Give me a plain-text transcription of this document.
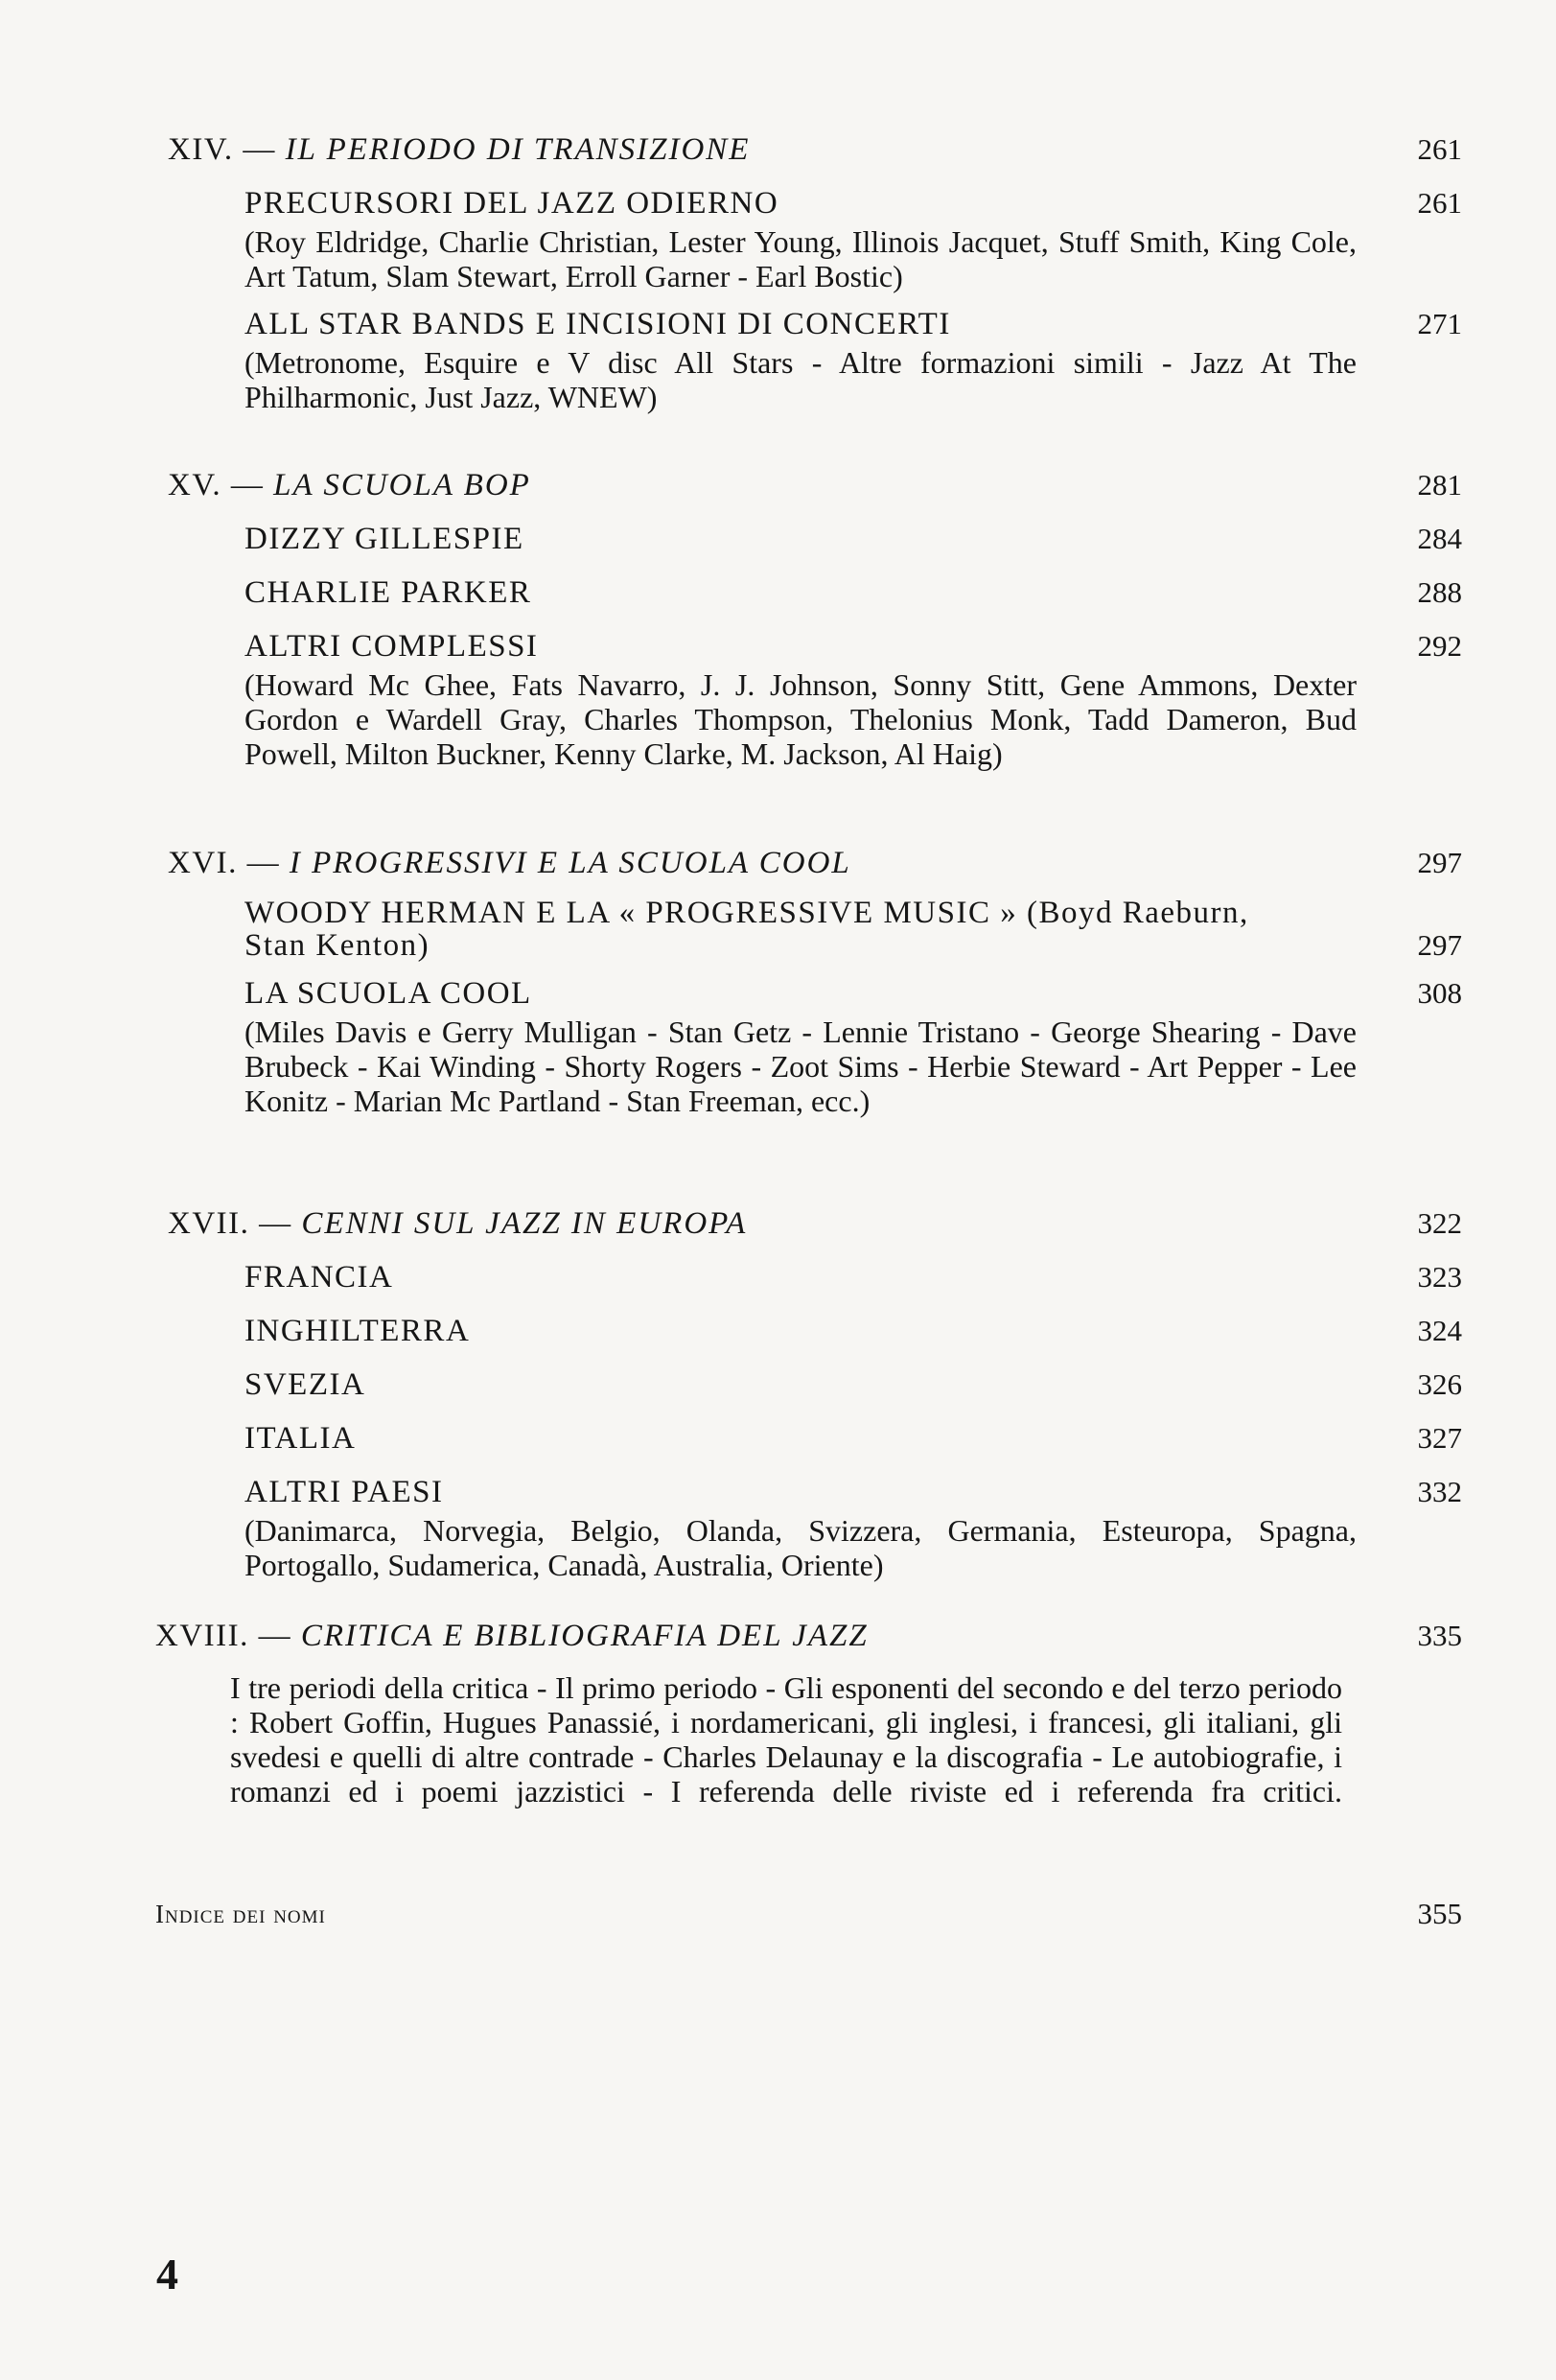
XIV. — IL PERIODO DI TRANSIZIONE	261
PRECURSORI DEL JAZZ ODIERNO	261
(Roy Eldridge, Charlie Christian, Lester Young, Illinois Jacquet, Stuff Smith, King Cole, Art Tatum, Slam Stewart, Erroll Garner - Earl Bostic)
ALL STAR BANDS E INCISIONI DI CONCERTI	271
(Metronome, Esquire e V disc All Stars - Altre formazioni simili - Jazz At The Philharmonic, Just Jazz, WNEW)
XV. — LA SCUOLA BOP	281
DIZZY GILLESPIE	284
CHARLIE PARKER	288
ALTRI COMPLESSI	292
(Howard Mc Ghee, Fats Navarro, J. J. Johnson, Sonny Stitt, Gene Ammons, Dexter Gordon e Wardell Gray, Charles Thompson, Thelonius Monk, Tadd Dameron, Bud Powell, Milton Buckner, Kenny Clarke, M. Jackson, Al Haig)
XVI. — I PROGRESSIVI E LA SCUOLA COOL	297
WOODY HERMAN E LA « PROGRESSIVE MUSIC » (Boyd Raeburn,
Stan Kenton)	297
LA SCUOLA COOL	308
(Miles Davis e Gerry Mulligan - Stan Getz - Lennie Tristano - George Shearing - Dave Brubeck - Kai Winding - Shorty Rogers - Zoot Sims - Herbie Steward - Art Pepper - Lee Konitz - Marian Mc Partland - Stan Freeman, ecc.)
XVII. — CENNI SUL JAZZ IN EUROPA	322
FRANCIA	323
INGHILTERRA	324
SVEZIA	326
ITALIA	327
ALTRI PAESI	332
(Danimarca, Norvegia, Belgio, Olanda, Svizzera, Germania, Esteuropa, Spagna, Portogallo, Sudamerica, Canadà, Australia, Oriente)
XVIII. — CRITICA E BIBLIOGRAFIA DEL JAZZ	335
I tre periodi della critica - Il primo periodo - Gli esponenti del secondo e del terzo periodo : Robert Goffin, Hugues Panassié, i nordamericani, gli inglesi, i francesi, gli italiani, gli svedesi e quelli di altre contrade - Charles Delaunay e la discografia - Le autobiografie, i romanzi ed i poemi jazzistici - I referenda delle riviste ed i referenda fra critici.
Indice dei nomi	355
4
